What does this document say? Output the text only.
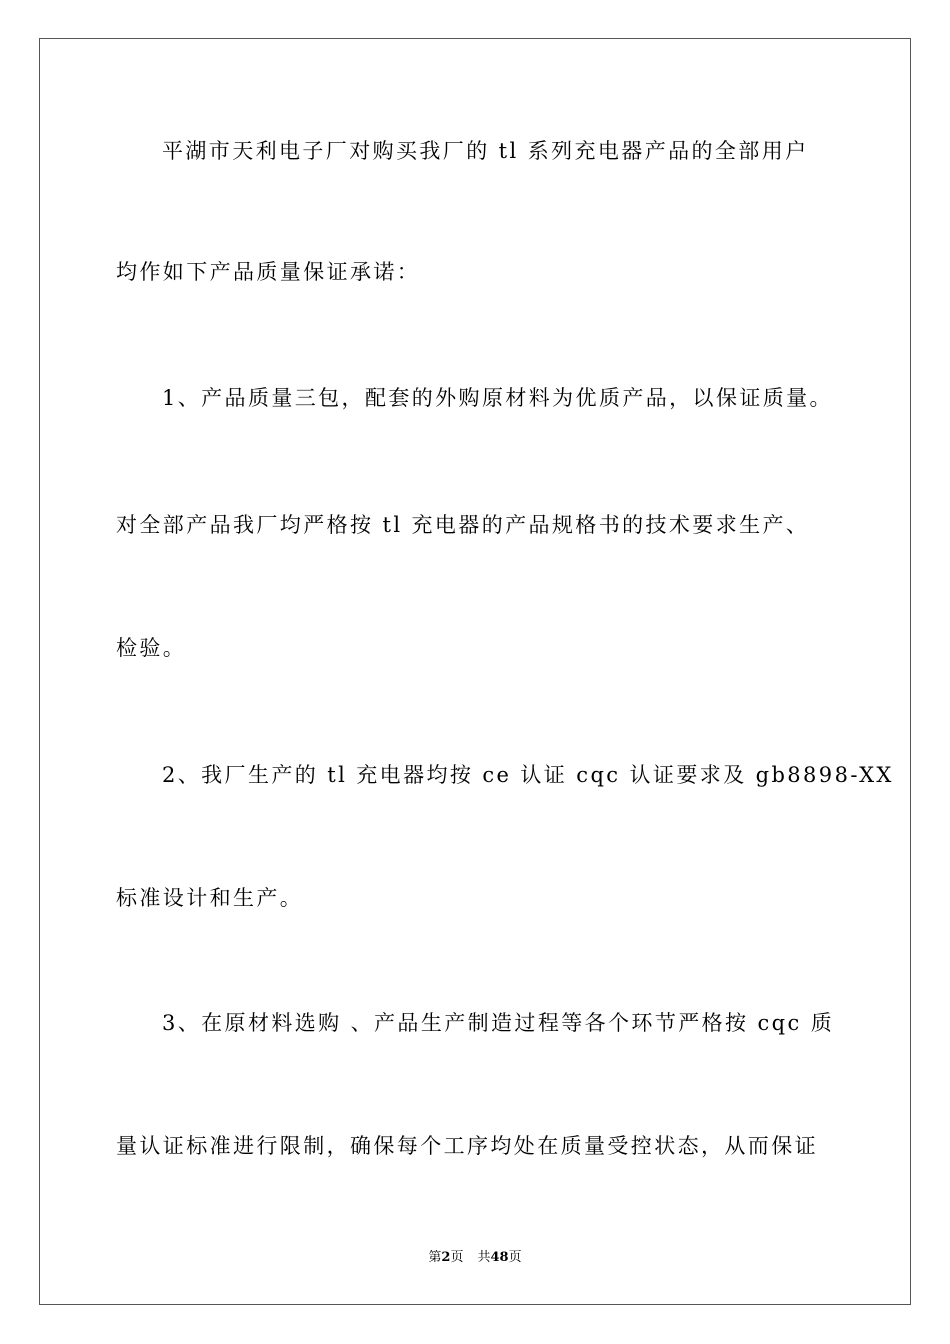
平湖市天利电子厂对购买我厂的 tl 系列充电器产品的全部用户
均作如下产品质量保证承诺：
1、产品质量三包，配套的外购原材料为优质产品，以保证质量。
对全部产品我厂均严格按 tl 充电器的产品规格书的技术要求生产、
检验。
2、我厂生产的 tl 充电器均按 ce 认证 cqc 认证要求及 gb8898-XX
标准设计和生产。
3、在原材料选购 、产品生产制造过程等各个环节严格按 cqc 质
量认证标准进行限制，确保每个工序均处在质量受控状态，从而保证
第2页 共48页
